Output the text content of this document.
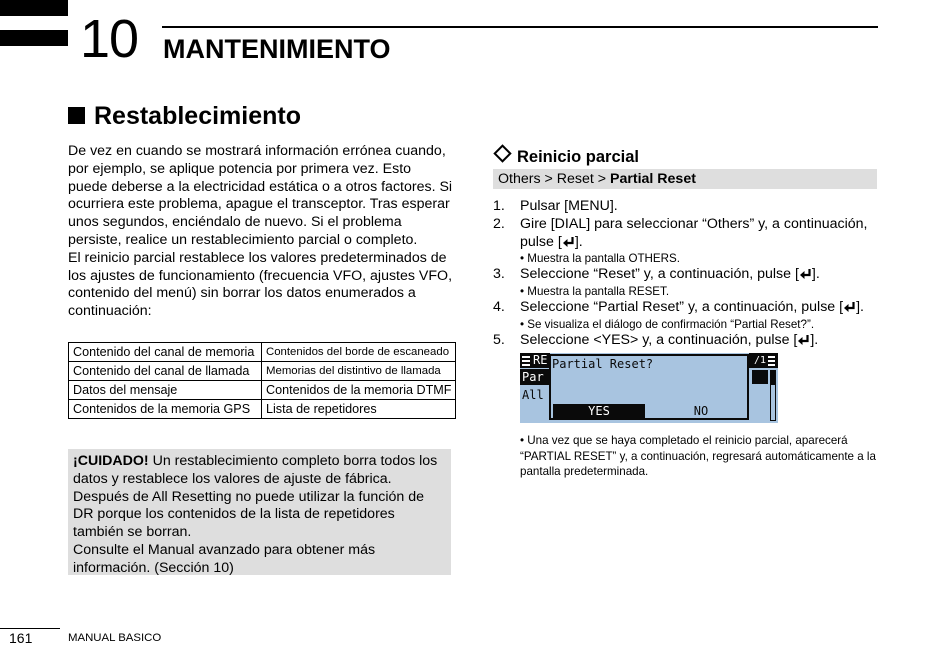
10 MANTENIMIENTO
Restablecimiento

De vez en cuando se mostrará información errónea cuando, por ejemplo, se aplique potencia por primera vez. Esto puede deberse a la electricidad estática o a otros factores. Si ocurriera este problema, apague el transceptor. Tras esperar unos segundos, enciéndalo de nuevo. Si el problema persiste, realice un restablecimiento parcial o completo.

El reinicio parcial restablece los valores predeterminados de los ajustes de funcionamiento (frecuencia VFO, ajustes VFO, contenido del menú) sin borrar los datos enumerados a continuación:

Contenido del canal de memoria	Contenidos del borde de escaneado
Contenido del canal de llamada	Memorias del distintivo de llamada
Datos del mensaje	Contenidos de la memoria DTMF
Contenidos de la memoria GPS	Lista de repetidores

¡CUIDADO! Un restablecimiento completo borra todos los datos y restablece los valores de ajuste de fábrica. Después de All Resetting no puede utilizar la función de DR porque los contenidos de la lista de repetidores también se borran.

Consulte el Manual avanzado para obtener más información. (Sección 10)

Reinicio parcial
Others > Reset > Partial Reset
1. Pulsar [MENU].
2. Gire [DIAL] para seleccionar “Others” y, a continuación, pulse [ ].
• Muestra la pantalla OTHERS.
3. Seleccione “Reset” y, a continuación, pulse [ ].
• Muestra la pantalla RESET.
4. Seleccione “Partial Reset” y, a continuación, pulse [ ].
• Se visualiza el diálogo de confirmación “Partial Reset?”.
5. Seleccione <YES> y, a continuación, pulse [ ].
RE
Par
All
/1
Partial Reset?
YES	NO
• Una vez que se haya completado el reinicio parcial, aparecerá “PARTIAL RESET” y, a continuación, regresará automáticamente a la pantalla predeterminada.
161	MANUAL BASICO
